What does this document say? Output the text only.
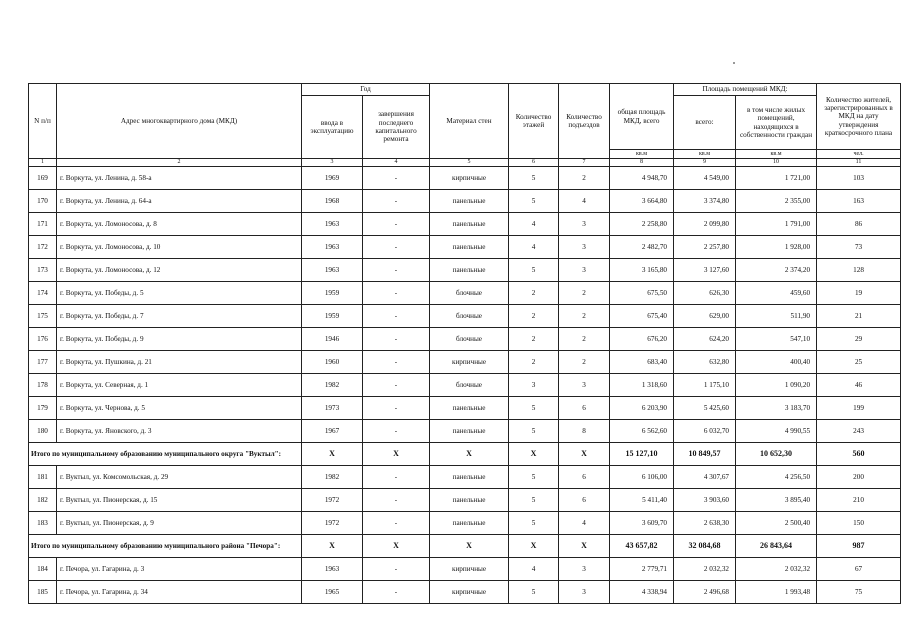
N п/п	Адрес многоквартирного дома (МКД)	Год		Материал стен	Количество этажей	Количество подъездов	общая площадь МКД, всего	Площадь помещений МКД:		Количество жителей, зарегистрированных в МКД на дату утверждения краткосрочного плана
		ввода в эксплуатацию	завершения последнего капитального ремонта					всего:	в том числе жилых помещений, находящихся в собственности граждан	
							кв.м	кв.м	кв.м	чел.
1	2	3	4	5	6	7	8	9	10	11
169	г. Воркута, ул. Ленина, д. 58-а	1969	-	кирпичные	5	2	4 948,70	4 549,00	1 721,00	103
170	г. Воркута, ул. Ленина, д. 64-а	1968	-	панельные	5	4	3 664,80	3 374,80	2 355,00	163
171	г. Воркута, ул. Ломоносова, д. 8	1963	-	панельные	4	3	2 258,80	2 099,80	1 791,00	86
172	г. Воркута, ул. Ломоносова, д. 10	1963	-	панельные	4	3	2 482,70	2 257,80	1 928,00	73
173	г. Воркута, ул. Ломоносова, д. 12	1963	-	панельные	5	3	3 165,80	3 127,60	2 374,20	128
174	г. Воркута, ул. Победы, д. 5	1959	-	блочные	2	2	675,50	626,30	459,60	19
175	г. Воркута, ул. Победы, д. 7	1959	-	блочные	2	2	675,40	629,00	511,90	21
176	г. Воркута, ул. Победы, д. 9	1946	-	блочные	2	2	676,20	624,20	547,10	29
177	г. Воркута, ул. Пушкина, д. 21	1960	-	кирпичные	2	2	683,40	632,80	400,40	25
178	г. Воркута, ул. Северная, д. 1	1982	-	блочные	3	3	1 318,60	1 175,10	1 090,20	46
179	г. Воркута, ул. Чернова, д. 5	1973	-	панельные	5	6	6 203,90	5 425,60	3 183,70	199
180	г. Воркута, ул. Яновского, д. 3	1967	-	панельные	5	8	6 562,60	6 032,70	4 990,55	243
Итого по муниципальному образованию муниципального округа "Вуктыл":		X	X	X	X	X	15 127,10	10 849,57	10 652,30	560
181	г. Вуктыл, ул. Комсомольская, д. 29	1982	-	панельные	5	6	6 106,00	4 307,67	4 256,50	200
182	г. Вуктыл, ул. Пионерская, д. 15	1972	-	панельные	5	6	5 411,40	3 903,60	3 895,40	210
183	г. Вуктыл, ул. Пионерская, д. 9	1972	-	панельные	5	4	3 609,70	2 638,30	2 500,40	150
Итого по муниципальному образованию муниципального района "Печора":		X	X	X	X	X	43 657,82	32 084,68	26 843,64	987
184	г. Печора, ул. Гагарина, д. 3	1963	-	кирпичные	4	3	2 779,71	2 032,32	2 032,32	67
185	г. Печора, ул. Гагарина, д. 34	1965	-	кирпичные	5	3	4 338,94	2 496,68	1 993,48	75
